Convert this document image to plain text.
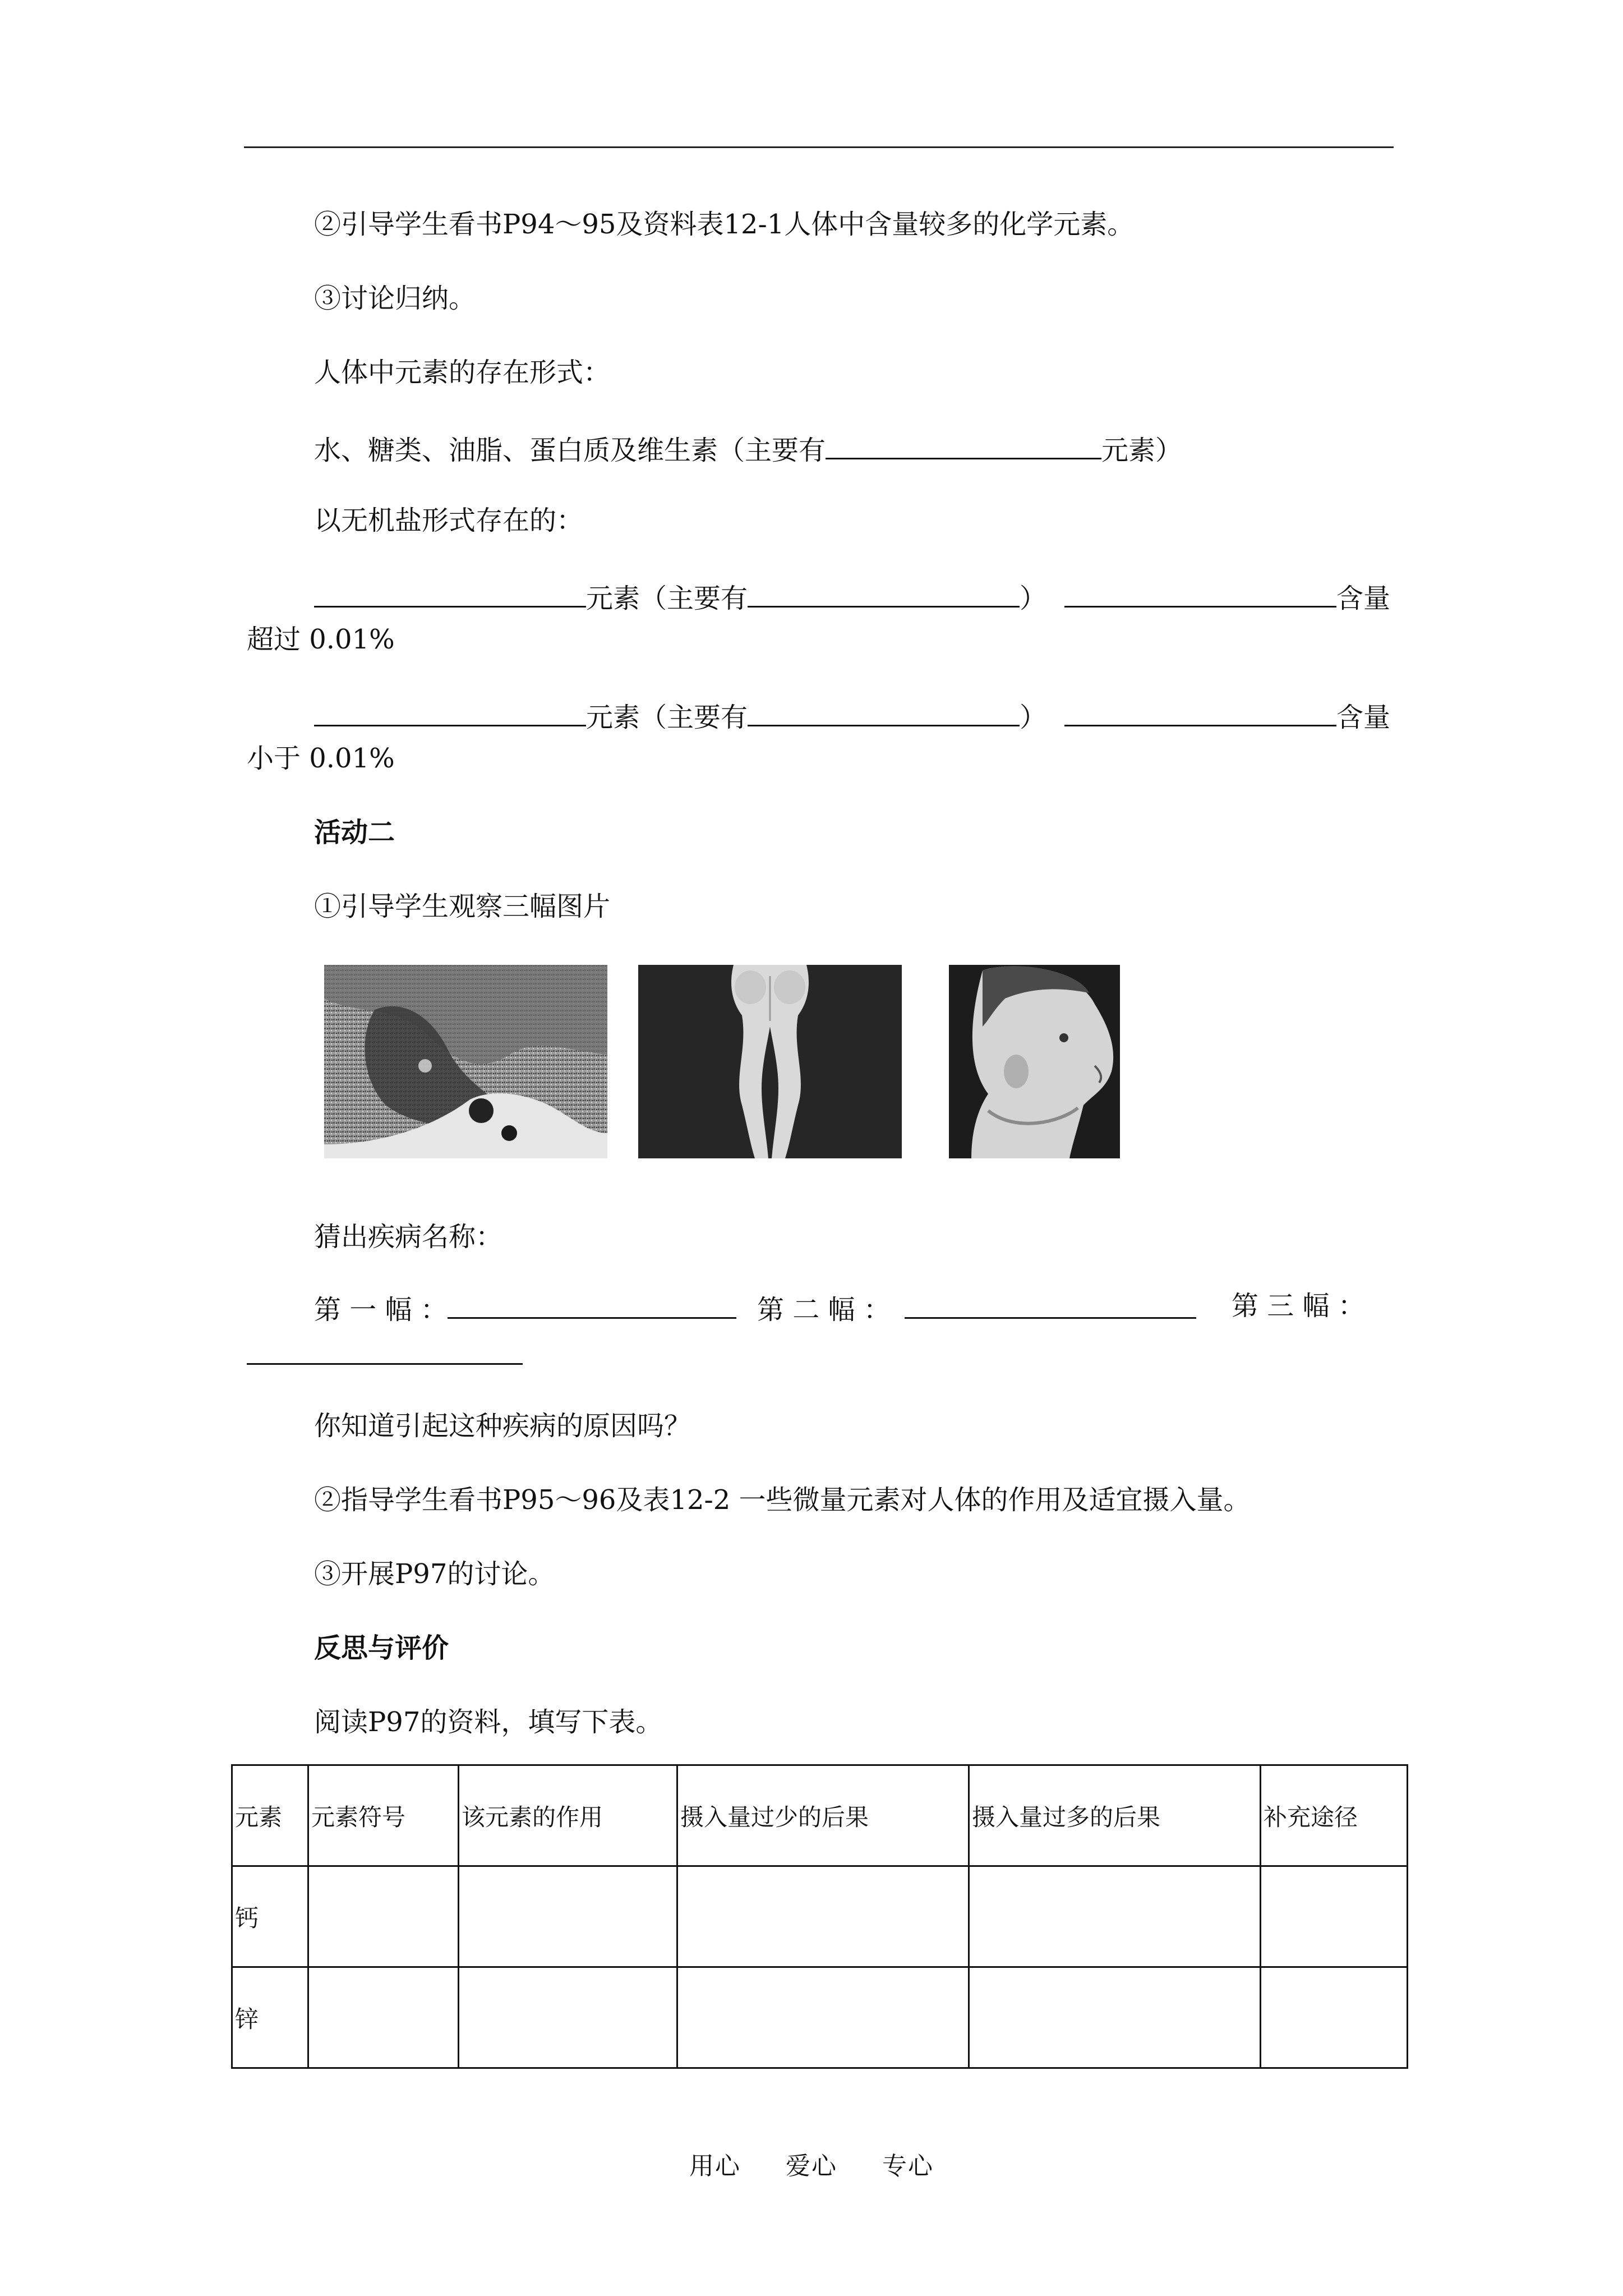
②引导学生看书P94～95及资料表12-1人体中含量较多的化学元素。
③讨论归纳。
人体中元素的存在形式：
水、糖类、油脂、蛋白质及维生素（主要有	元素）
以无机盐形式存在的：
元素（主要有	）	含量
超过 0.01%
元素（主要有	）	含量
小于 0.01%
活动二
①引导学生观察三幅图片
猜出疾病名称：
第 一 幅 ：	第 二 幅 ：	第 三 幅 ：
你知道引起这种疾病的原因吗？
②指导学生看书P95～96及表12-2 一些微量元素对人体的作用及适宜摄入量。
③开展P97的讨论。
反思与评价
阅读P97的资料，填写下表。
元素	元素符号	该元素的作用	摄入量过少的后果	摄入量过多的后果	补充途径
钙					
锌					
用心 爱心 专心
